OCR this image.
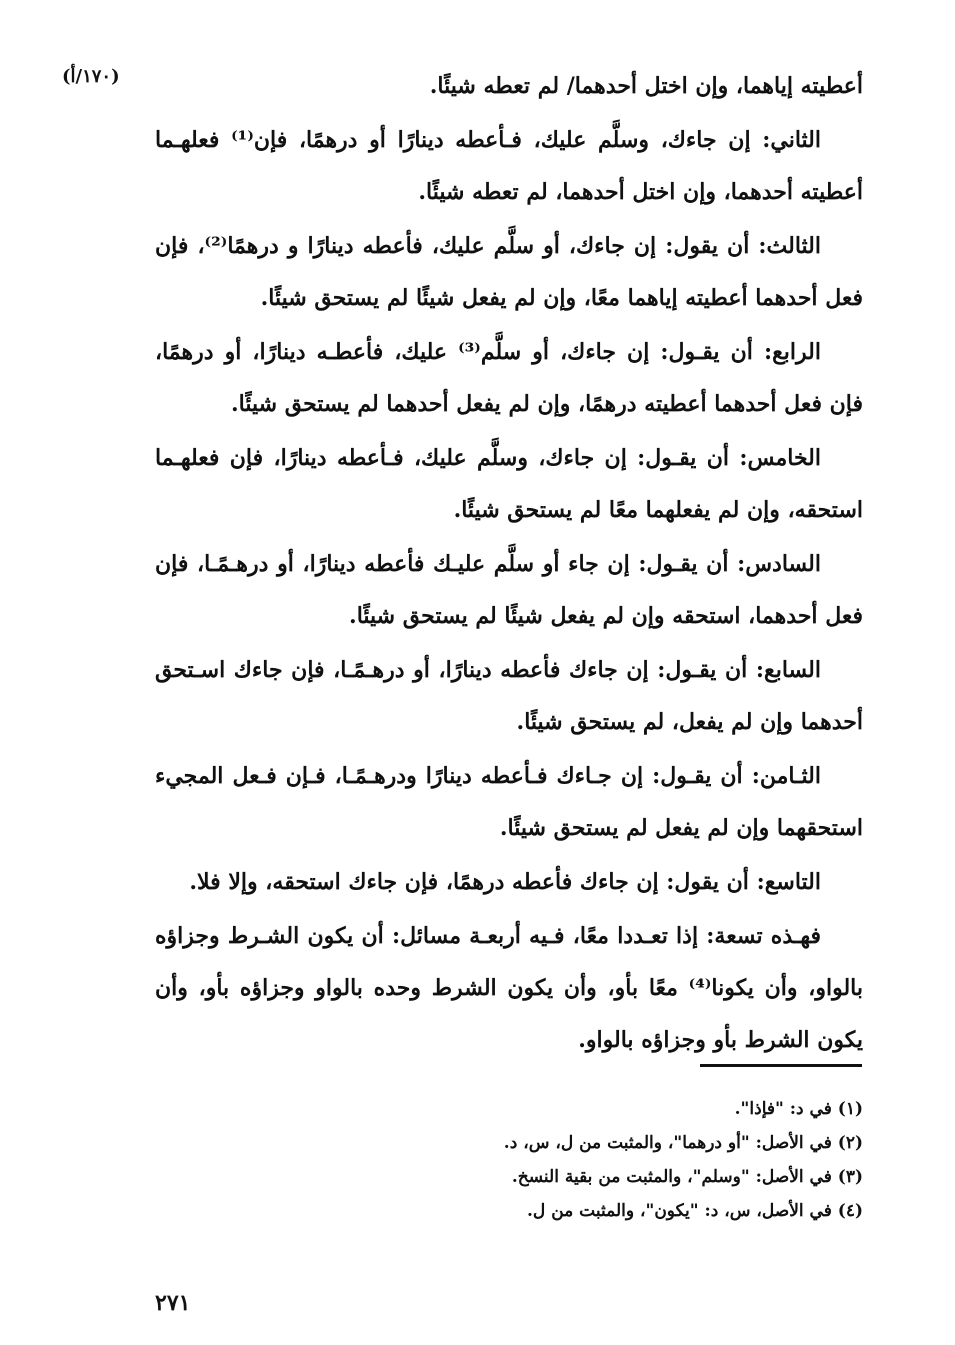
(١٧٠/أ)	أعطيته إياهما، وإن اختل أحدهما/ لم تعطه شيئًا.

الثاني: إن جاءك، وسلَّم عليك، فـأعطه دينارًا أو درهمًا، فإن⁽¹⁾ فعلهـما أعطيته أحدهما، وإن اختل أحدهما، لم تعطه شيئًا.

الثالث: أن يقول: إن جاءك، أو سلَّم عليك، فأعطه دينارًا و درهمًا⁽²⁾، فإن فعل أحدهما أعطيته إياهما معًا، وإن لم يفعل شيئًا لم يستحق شيئًا.

الرابع: أن يقـول: إن جاءك، أو سلَّم⁽³⁾ عليك، فأعطـه دينارًا، أو درهمًا، فإن فعل أحدهما أعطيته درهمًا، وإن لم يفعل أحدهما لم يستحق شيئًا.

الخامس: أن يقـول: إن جاءك، وسلَّم عليك، فـأعطه دينارًا، فإن فعلهـما استحقه، وإن لم يفعلهما معًا لم يستحق شيئًا.

السادس: أن يقـول: إن جاء أو سلَّم عليـك فأعطه دينارًا، أو درهـمًـا، فإن فعل أحدهما، استحقه وإن لم يفعل شيئًا لم يستحق شيئًا.

السابع: أن يقـول: إن جاءك فأعطه دينارًا، أو درهـمًـا، فإن جاءك اسـتحق أحدهما وإن لم يفعل، لم يستحق شيئًا.

الثـامن: أن يقـول: إن جـاءك فـأعطه دينارًا ودرهـمًـا، فـإن فـعل المجيء استحقهما وإن لم يفعل لم يستحق شيئًا.

التاسع: أن يقول: إن جاءك فأعطه درهمًا، فإن جاءك استحقه، وإلا فلا.

فهـذه تسعة: إذا تعـددا معًا، فـيه أربعـة مسائل: أن يكون الشـرط وجزاؤه بالواو، وأن يكونا⁽⁴⁾ معًا بأو، وأن يكون الشرط وحده بالواو وجزاؤه بأو، وأن يكون الشرط بأو وجزاؤه بالواو.

(١) في د: "فإذا".
(٢) في الأصل: "أو درهما"، والمثبت من ل، س، د.
(٣) في الأصل: "وسلم"، والمثبت من بقية النسخ.
(٤) في الأصل، س، د: "يكون"، والمثبت من ل.
٢٧١
